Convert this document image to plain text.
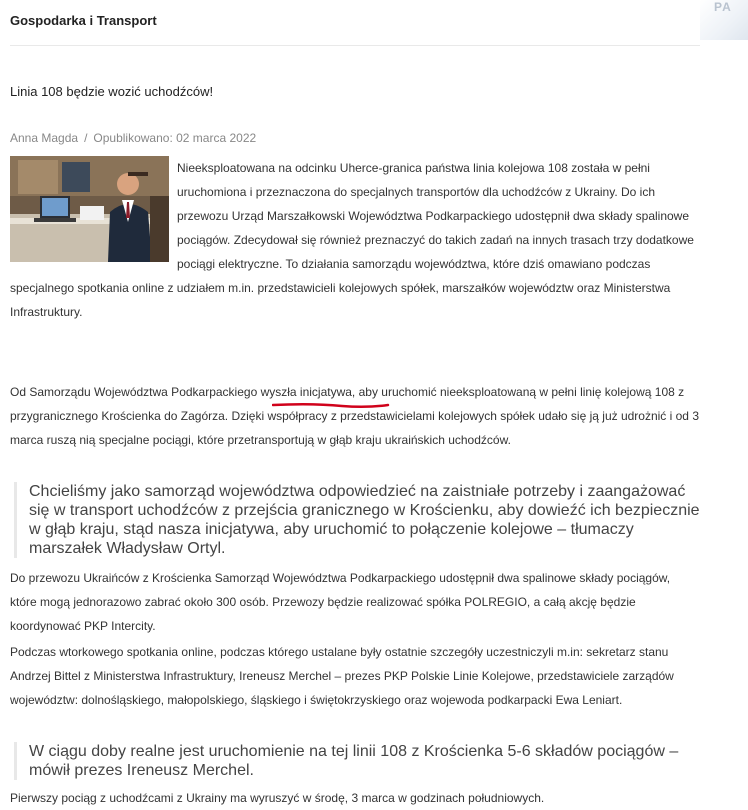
PA
Gospodarka i Transport
Linia 108 będzie wozić uchodźców!
Anna Magda / Opublikowano: 02 marca 2022

Nieeksploatowana na odcinku Uherce-granica państwa linia kolejowa 108 została w pełni uruchomiona i przeznaczona do specjalnych transportów dla uchodźców z Ukrainy. Do ich przewozu Urząd Marszałkowski Województwa Podkarpackiego udostępnił dwa składy spalinowe pociągów. Zdecydował się również preznaczyć do takich zadań na innych trasach trzy dodatkowe pociągi elektryczne. To działania samorządu województwa, które dziś omawiano podczas specjalnego spotkania online z udziałem m.in. przedstawicieli kolejowych spółek, marszałków województw oraz Ministerstwa Infrastruktury.

Od Samorządu Województwa Podkarpackiego wyszła inicjatywa, aby uruchomić nieeksploatowaną w pełni linię kolejową 108 z przygranicznego Krościenka do Zagórza. Dzięki współpracy z przedstawicielami kolejowych spółek udało się ją już udrożnić i od 3 marca ruszą nią specjalne pociągi, które przetransportują w głąb kraju ukraińskich uchodźców.

Chcieliśmy jako samorząd województwa odpowiedzieć na zaistniałe potrzeby i zaangażować się w transport uchodźców z przejścia granicznego w Krościenku, aby dowieźć ich bezpiecznie w głąb kraju, stąd nasza inicjatywa, aby uruchomić to połączenie kolejowe – tłumaczy marszałek Władysław Ortyl.

Do przewozu Ukraińców z Krościenka Samorząd Województwa Podkarpackiego udostępnił dwa spalinowe składy pociągów, które mogą jednorazowo zabrać około 300 osób. Przewozy będzie realizować spółka POLREGIO, a całą akcję będzie koordynować PKP Intercity.

Podczas wtorkowego spotkania online, podczas którego ustalane były ostatnie szczegóły uczestniczyli m.in: sekretarz stanu Andrzej Bittel z Ministerstwa Infrastruktury, Ireneusz Merchel – prezes PKP Polskie Linie Kolejowe, przedstawiciele zarządów województw: dolnośląskiego, małopolskiego, śląskiego i świętokrzyskiego oraz wojewoda podkarpacki Ewa Leniart.

W ciągu doby realne jest uruchomienie na tej linii 108 z Krościenka 5-6 składów pociągów – mówił prezes Ireneusz Merchel.

Pierwszy pociąg z uchodźcami z Ukrainy ma wyruszyć w środę, 3 marca w godzinach południowych.
